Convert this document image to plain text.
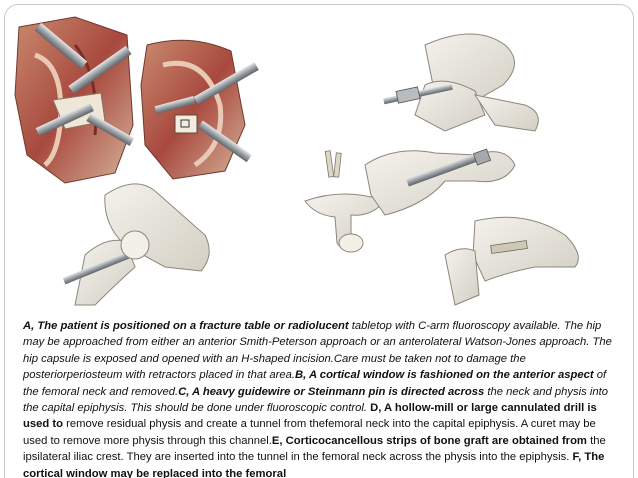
A, The patient is positioned on a fracture table or radiolucent tabletop with C-arm fluoroscopy available. The hip may be approached from either an anterior Smith-Peterson approach or an anterolateral Watson-Jones approach. The hip capsule is exposed and opened with an H-shaped incision.Care must be taken not to damage the posteriorperiosteum with retractors placed in that area.B, A cortical window is fashioned on the anterior aspect of the femoral neck and removed.C, A heavy guidewire or Steinmann pin is directed across the neck and physis into the capital epiphysis. This should be done under fluoroscopic control. D, A hollow-mill or large cannulated drill is used to remove residual physis and create a tunnel from thefemoral neck into the capital epiphysis. A curet may be used to remove more physis through this channel.E, Corticocancellous strips of bone graft are obtained from the ipsilateral iliac crest. They are inserted into the tunnel in the femoral neck across the physis into the epiphysis. F, The cortical window may be replaced into the femoral
